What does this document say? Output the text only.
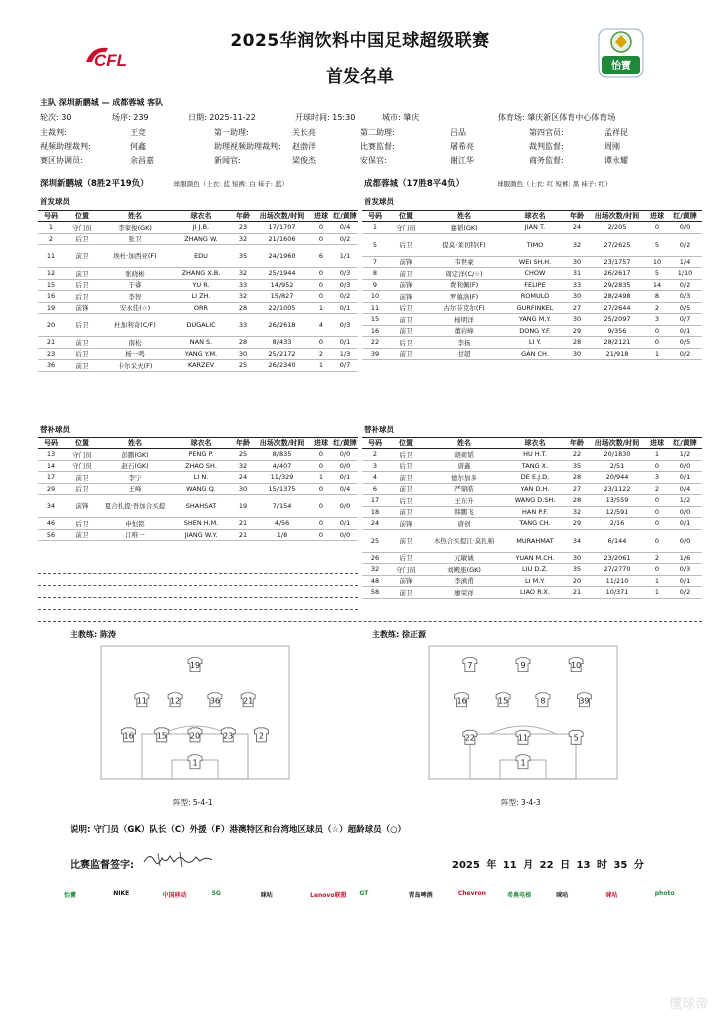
CFL
2025华润饮料中国足球超级联赛
首发名单
怡寶
主队 深圳新鹏城 — 成都蓉城 客队
轮次: 30	场序: 239	日期: 2025-11-22	开球时间: 15:30	城市: 肇庆	体育场: 肇庆新区体育中心体育场
主裁判:	王竞	第一助理:	关长亮	第二助理:	吕品	第四官员:	孟祥昆
视频助理裁判:	何鑫	助理视频助理裁判: 赵渤洋	比赛监督:	屠希亮	裁判监督:	周刚
赛区协调员:	余昌嘉	新闻官:	梁俊杰	安保官:	谢江华	商务监督:	谭永耀
深圳新鹏城（8胜2平19负）	球服颜色（上衣: 蓝 短裤: 白 袜子: 蓝）	成都蓉城（17胜8平4负）	球服颜色（上衣: 红 短裤: 黑 袜子: 红）
首发球员	首发球员
号码	位置	姓名	球衣名	年龄	出场次数/时间	进球	红/黄牌
1	守门员	李家俊(GK)	JI J.B.	23	17/1707	0	0/4
2	后卫	张卫	ZHANG W.	32	21/1606	0	0/2
11	前卫	埃杜·加西亚(F)	EDU	35	24/1960	6	1/1
12	前卫	张晓彬	ZHANG X.B.	32	25/1944	0	0/3
15	后卫	于睿	YU R.	33	14/952	0	0/3
16	后卫	李智	LI ZH.	32	15/827	0	0/2
19	前锋	安永佳(☆)	ORR	28	22/1005	1	0/1
20	后卫	杜加利奇(C/F)	DUGALIC	33	26/2618	4	0/3
21	前卫	南松	NAN S.	28	8/433	0	0/1
23	后卫	杨一鸣	YANG Y.M.	30	25/2172	2	1/3
36	前卫	卡尔采夫(F)	KARZEV	25	26/2340	1	0/7
号码	位置	姓名	球衣名	年龄	出场次数/时间	进球	红/黄牌
1	守门员	蹇韬(GK)	JIAN T.	24	2/205	0	0/0
5	后卫	提莫·莱切特(F)	TIMO	32	27/2625	5	0/2
7	前锋	韦世豪	WEI SH.H.	30	23/1757	10	1/4
8	前卫	周定洋(C/☆)	CHOW	31	26/2617	5	1/10
9	前锋	费利佩(F)	FELIPE	33	29/2835	14	0/2
10	前锋	罗慕洛(F)	ROMULO	30	28/2498	8	0/3
11	后卫	古尔芬克尔(F)	GURFINKEL	27	27/2644	2	0/5
15	前卫	杨明洋	YANG M.Y.	30	25/2097	3	0/7
16	前卫	董岩峰	DONG Y.F.	29	9/356	0	0/1
22	后卫	李扬	LI Y.	28	28/2121	0	0/5
39	前卫	甘超	GAN CH.	30	21/918	1	0/2
替补球员	替补球员
号码	位置	姓名	球衣名	年龄	出场次数/时间	进球	红/黄牌
13	守门员	彭鹏(GK)	PENG P.	25	8/835	0	0/0
14	守门员	赵石(GK)	ZHAO SH.	32	4/407	0	0/0
17	前卫	李宁	LI N.	24	11/329	1	0/1
29	后卫	王峰	WANG Q.	30	15/1375	0	0/4
34	前锋	夏合扎提·吾加合买提	SHAHSAT	19	7/154	0	0/0
46	后卫	申恒铭	SHEN H.M.	21	4/56	0	0/1
56	前卫	江唯一	JIANG W.Y.	21	1/8	0	0/0
号码	位置	姓名	球衣名	年龄	出场次数/时间	进球	红/黄牌
2	后卫	胡荷韬	HU H.T.	22	20/1830	1	1/2
3	后卫	唐鑫	TANG X.	35	2/51	0	0/0
4	前卫	德尔加多	DE E.J.D.	28	20/944	3	0/1
6	前卫	严鼎皓	YAN D.H.	27	23/1122	2	0/4
17	后卫	王东升	WANG D.SH.	28	13/559	0	1/2
18	前卫	韩鹏飞	HAN P.F.	32	12/591	0	0/0
24	前锋	唐创	TANG CH.	29	2/16	0	0/1
25	前卫	木热合买提江·莫扎帕	MURAHMAT	34	6/144	0	0/0
26	后卫	元敏诚	YUAN M.CH.	30	23/2061	2	1/6
32	守门员	刘殿座(GK)	LIU D.Z.	35	27/2770	0	0/3
48	前锋	李滇甫	LI M.Y.	20	11/210	1	0/1
58	前卫	廖荣祥	LIAO R.X.	21	10/371	1	0/2
主教练: 陈涛	主教练: 徐正源
19
11	12	36	21
16	15	20	23	2
1
7	9	10
16	15	8	39
22	11	5
1
阵型: 5-4-1	阵型: 3-4-3
说明: 守门员（GK）队长（C）外援（F）港澳特区和台湾地区球员（☆）超龄球员（○）
比赛监督签字:	2025 年 11 月 22 日 13 时 35 分
怡寶	NIKE	中国移动	5G	咪咕	Lenovo联想 GT	青岛啤酒	Chevron	希奥电梯	咪咕	咪咕	photo
懂球帝
